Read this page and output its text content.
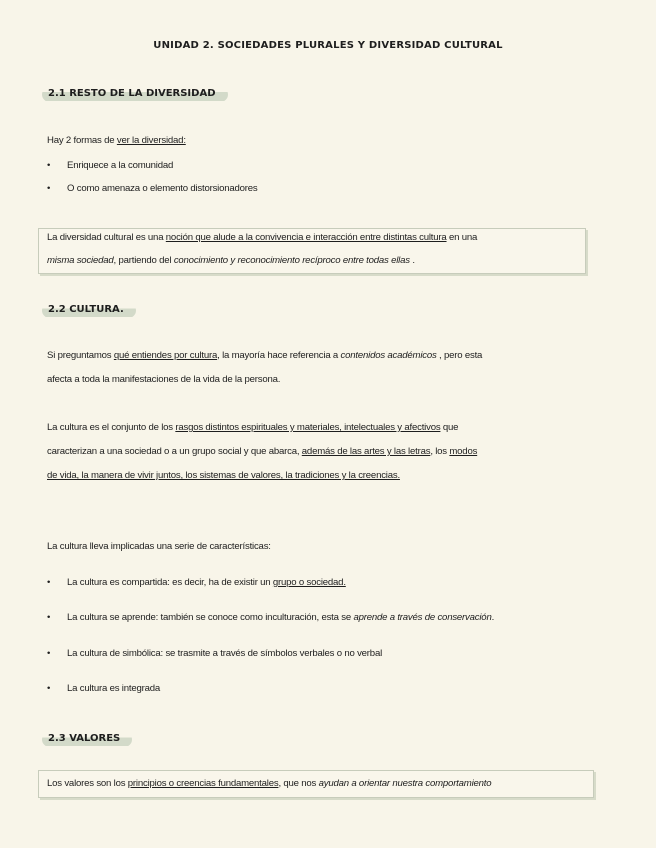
UNIDAD 2. SOCIEDADES PLURALES Y DIVERSIDAD CULTURAL
2.1 RESTO DE LA DIVERSIDAD
Hay 2 formas de ver la diversidad:
• Enriquece a la comunidad
• O como amenaza o elemento distorsionadores
La diversidad cultural es una noción que alude a la convivencia e interacción entre distintas cultura en una
misma sociedad, partiendo del conocimiento y reconocimiento recíproco entre todas ellas .
2.2 CULTURA.
Si preguntamos qué entiendes por cultura, la mayoría hace referencia a contenidos académicos , pero esta
afecta a toda la manifestaciones de la vida de la persona.
La cultura es el conjunto de los rasgos distintos espirituales y materiales, intelectuales y afectivos que
caracterizan a una sociedad o a un grupo social y que abarca, además de las artes y las letras, los modos
de vida, la manera de vivir juntos, los sistemas de valores, la tradiciones y la creencias.
La cultura lleva implicadas una serie de características:
• La cultura es compartida: es decir, ha de existir un grupo o sociedad.
• La cultura se aprende: también se conoce como inculturación, esta se aprende a través de conservación.
• La cultura de simbólica: se trasmite a través de símbolos verbales o no verbal
• La cultura es integrada
2.3 VALORES
Los valores son los principios o creencias fundamentales, que nos ayudan a orientar nuestra comportamiento
